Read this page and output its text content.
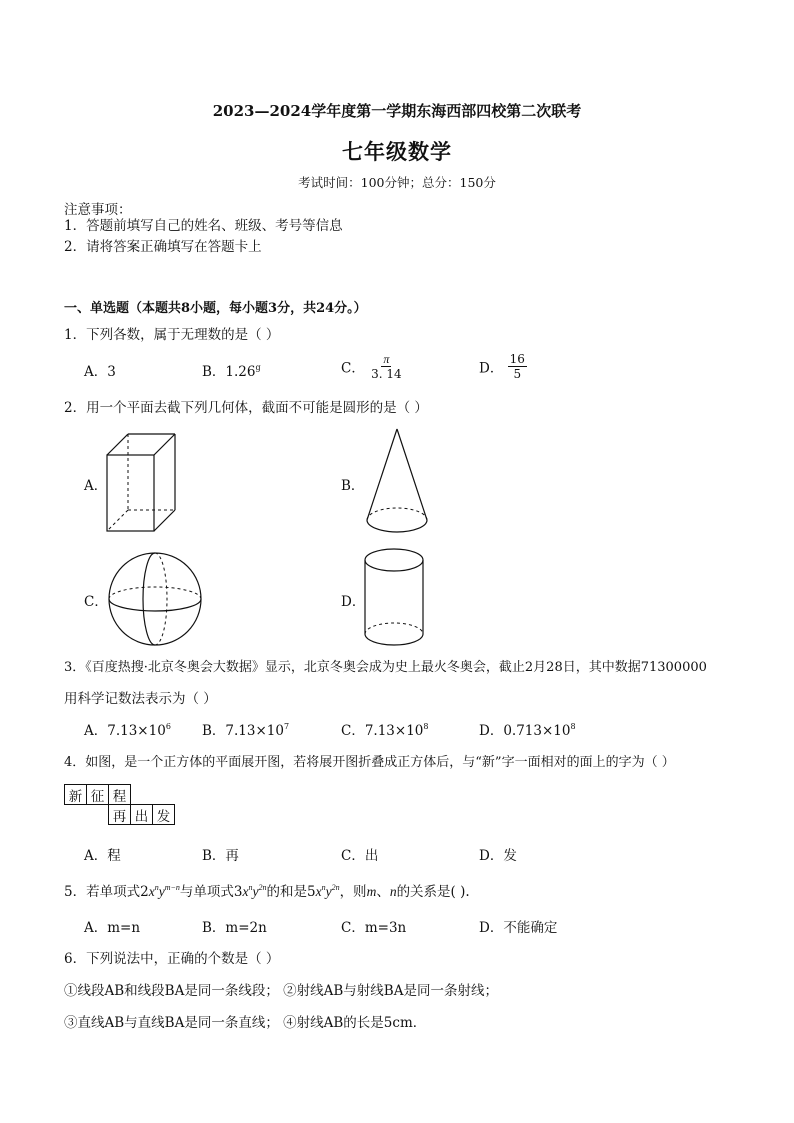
2023—2024学年度第一学期东海西部四校第二次联考
七年级数学
考试时间：100分钟；总分：150分
注意事项：
1．答题前填写自己的姓名、班级、考号等信息
2．请将答案正确填写在答题卡上
一、单选题（本题共8小题，每小题3分，共24分。）
1．下列各数，属于无理数的是（ ）
A．3	B．1.26$^g$	C． $\frac{\pi}{3. 14}$	D． $\frac{16}{5}$
2．用一个平面去截下列几何体，截面不可能是圆形的是（ ）
A．	B．
C．	D．
3．《百度热搜·北京冬奥会大数据》显示，北京冬奥会成为史上最火冬奥会，截止2月28日，其中数据71300000
用科学记数法表示为（ ）
A．$7.13\times 10^6$ B．$7.13\times 10^7$	C．$7.13\times 10^8$	D．$0.713\times 10^8$
4．如图，是一个正方体的平面展开图，若将展开图折叠成正方体后，与“新”字一面相对的面上的字为（ ）
新 征 程
再 出 发
A．程	B．再	C．出	D．发
5．若单项式$2x^ny^{m-n}$与单项式$3x^ny^{2n}$的和是$5x^ny^{2n}$，则m、n的关系是( ).
A．m=n	B．m=2n	C．m=3n	D．不能确定
6．下列说法中，正确的个数是（ ）
①线段AB和线段BA是同一条线段； ②射线AB与射线BA是同一条射线；
③直线AB与直线BA是同一条直线； ④射线AB的长是5cm．
